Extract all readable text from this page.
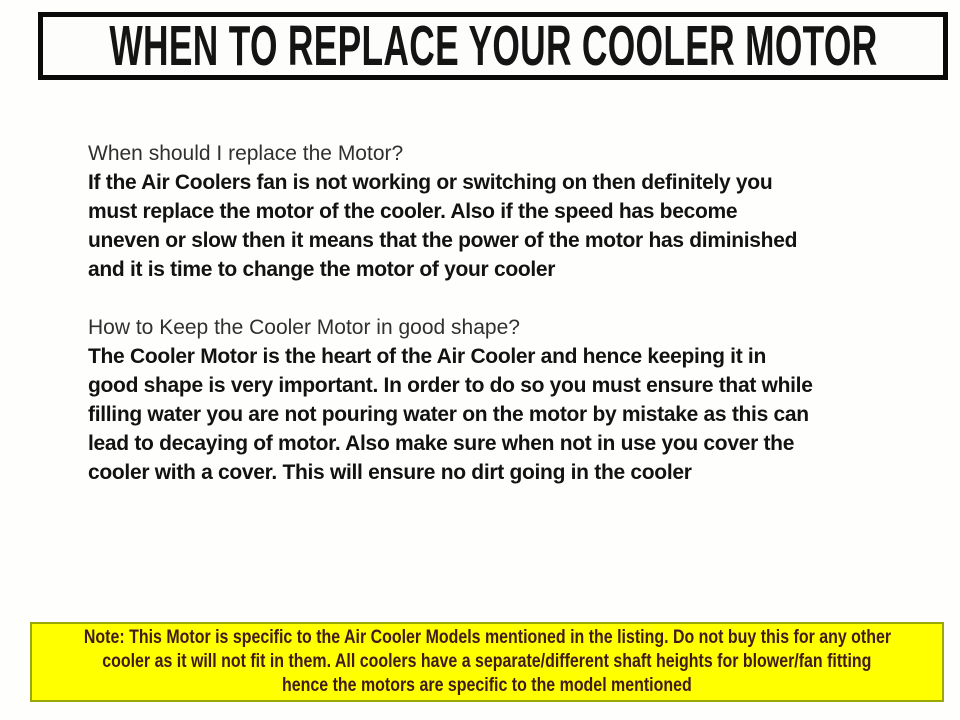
WHEN TO REPLACE YOUR COOLER MOTOR
When should I replace the Motor?
If the Air Coolers fan is not working or switching on then definitely you
must replace the motor of the cooler. Also if the speed has become
uneven or slow then it means that the power of the motor has diminished
and it is time to change the motor of your cooler
How to Keep the Cooler Motor in good shape?
The Cooler Motor is the heart of the Air Cooler and hence keeping it in
good shape is very important. In order to do so you must ensure that while
filling water you are not pouring water on the motor by mistake as this can
lead to decaying of motor. Also make sure when not in use you cover the
cooler with a cover. This will ensure no dirt going in the cooler
Note: This Motor is specific to the Air Cooler Models mentioned in the listing. Do not buy this for any other
cooler as it will not fit in them. All coolers have a separate/different shaft heights for blower/fan fitting
hence the motors are specific to the model mentioned
